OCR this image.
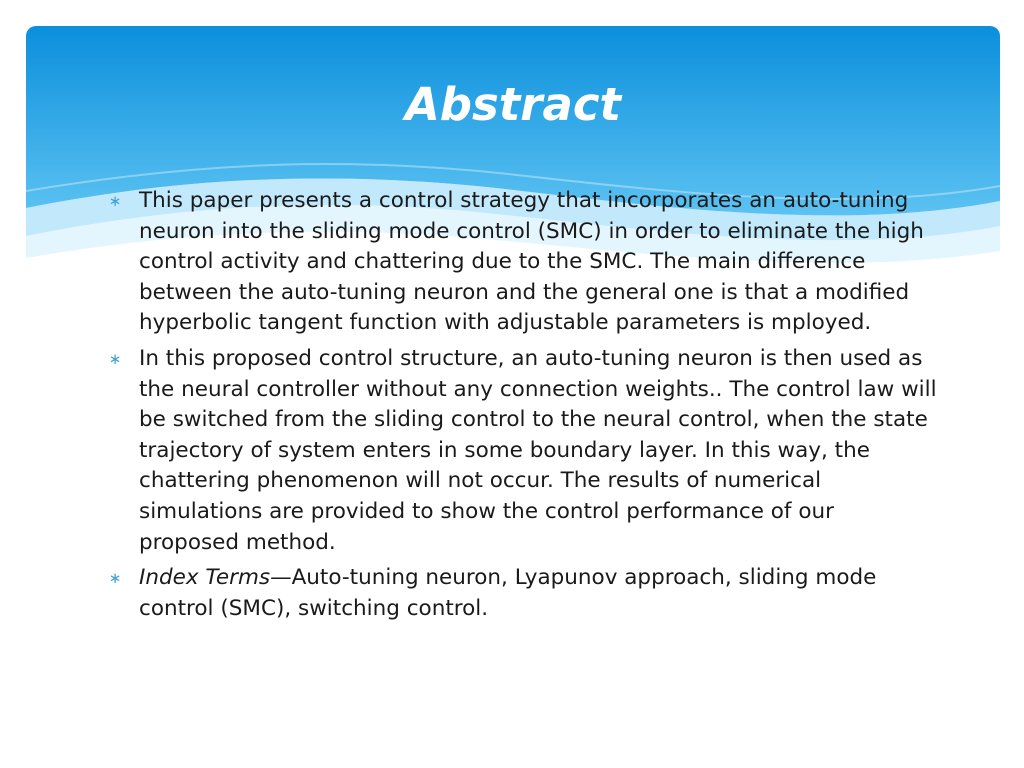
Abstract
∗ This paper presents a control strategy that incorporates an auto-tuning neuron into the sliding mode control (SMC) in order to eliminate the high control activity and chattering due to the SMC. The main difference between the auto-tuning neuron and the general one is that a modified hyperbolic tangent function with adjustable parameters is mployed.
∗ In this proposed control structure, an auto-tuning neuron is then used as the neural controller without any connection weights.. The control law will be switched from the sliding control to the neural control, when the state trajectory of system enters in some boundary layer. In this way, the chattering phenomenon will not occur. The results of numerical simulations are provided to show the control performance of our proposed method.
∗ Index Terms—Auto-tuning neuron, Lyapunov approach, sliding mode control (SMC), switching control.
